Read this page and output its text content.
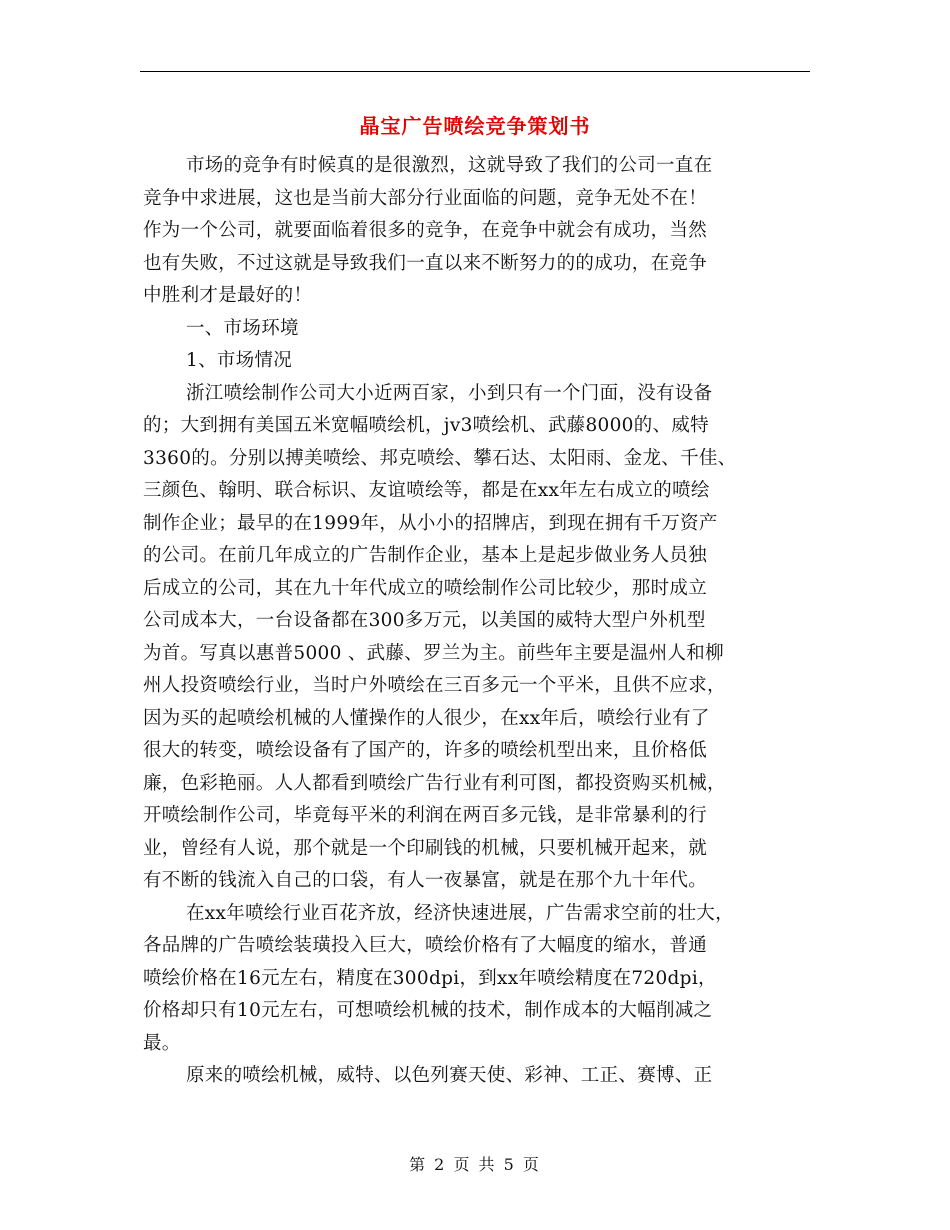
晶宝广告喷绘竞争策划书
市场的竞争有时候真的是很激烈，这就导致了我们的公司一直在
竞争中求进展，这也是当前大部分行业面临的问题，竞争无处不在！
作为一个公司，就要面临着很多的竞争，在竞争中就会有成功，当然
也有失败，不过这就是导致我们一直以来不断努力的的成功，在竞争
中胜利才是最好的！
一、市场环境
1、市场情况
浙江喷绘制作公司大小近两百家，小到只有一个门面，没有设备
的；大到拥有美国五米宽幅喷绘机，jv3喷绘机、武藤8000的、威特
3360的。分别以搏美喷绘、邦克喷绘、攀石达、太阳雨、金龙、千佳、
三颜色、翰明、联合标识、友谊喷绘等，都是在xx年左右成立的喷绘
制作企业；最早的在1999年，从小小的招牌店，到现在拥有千万资产
的公司。在前几年成立的广告制作企业，基本上是起步做业务人员独
后成立的公司，其在九十年代成立的喷绘制作公司比较少，那时成立
公司成本大，一台设备都在300多万元，以美国的威特大型户外机型
为首。写真以惠普5000 、武藤、罗兰为主。前些年主要是温州人和柳
州人投资喷绘行业，当时户外喷绘在三百多元一个平米，且供不应求，
因为买的起喷绘机械的人懂操作的人很少，在xx年后，喷绘行业有了
很大的转变，喷绘设备有了国产的，许多的喷绘机型出来，且价格低
廉，色彩艳丽。人人都看到喷绘广告行业有利可图，都投资购买机械，
开喷绘制作公司，毕竟每平米的利润在两百多元钱，是非常暴利的行
业，曾经有人说，那个就是一个印刷钱的机械，只要机械开起来，就
有不断的钱流入自己的口袋，有人一夜暴富，就是在那个九十年代。
在xx年喷绘行业百花齐放，经济快速进展，广告需求空前的壮大，
各品牌的广告喷绘装璜投入巨大，喷绘价格有了大幅度的缩水，普通
喷绘价格在16元左右，精度在300dpi，到xx年喷绘精度在720dpi，
价格却只有10元左右，可想喷绘机械的技术，制作成本的大幅削减之
最。
原来的喷绘机械，威特、以色列赛天使、彩神、工正、赛博、正
第 2 页 共 5 页
